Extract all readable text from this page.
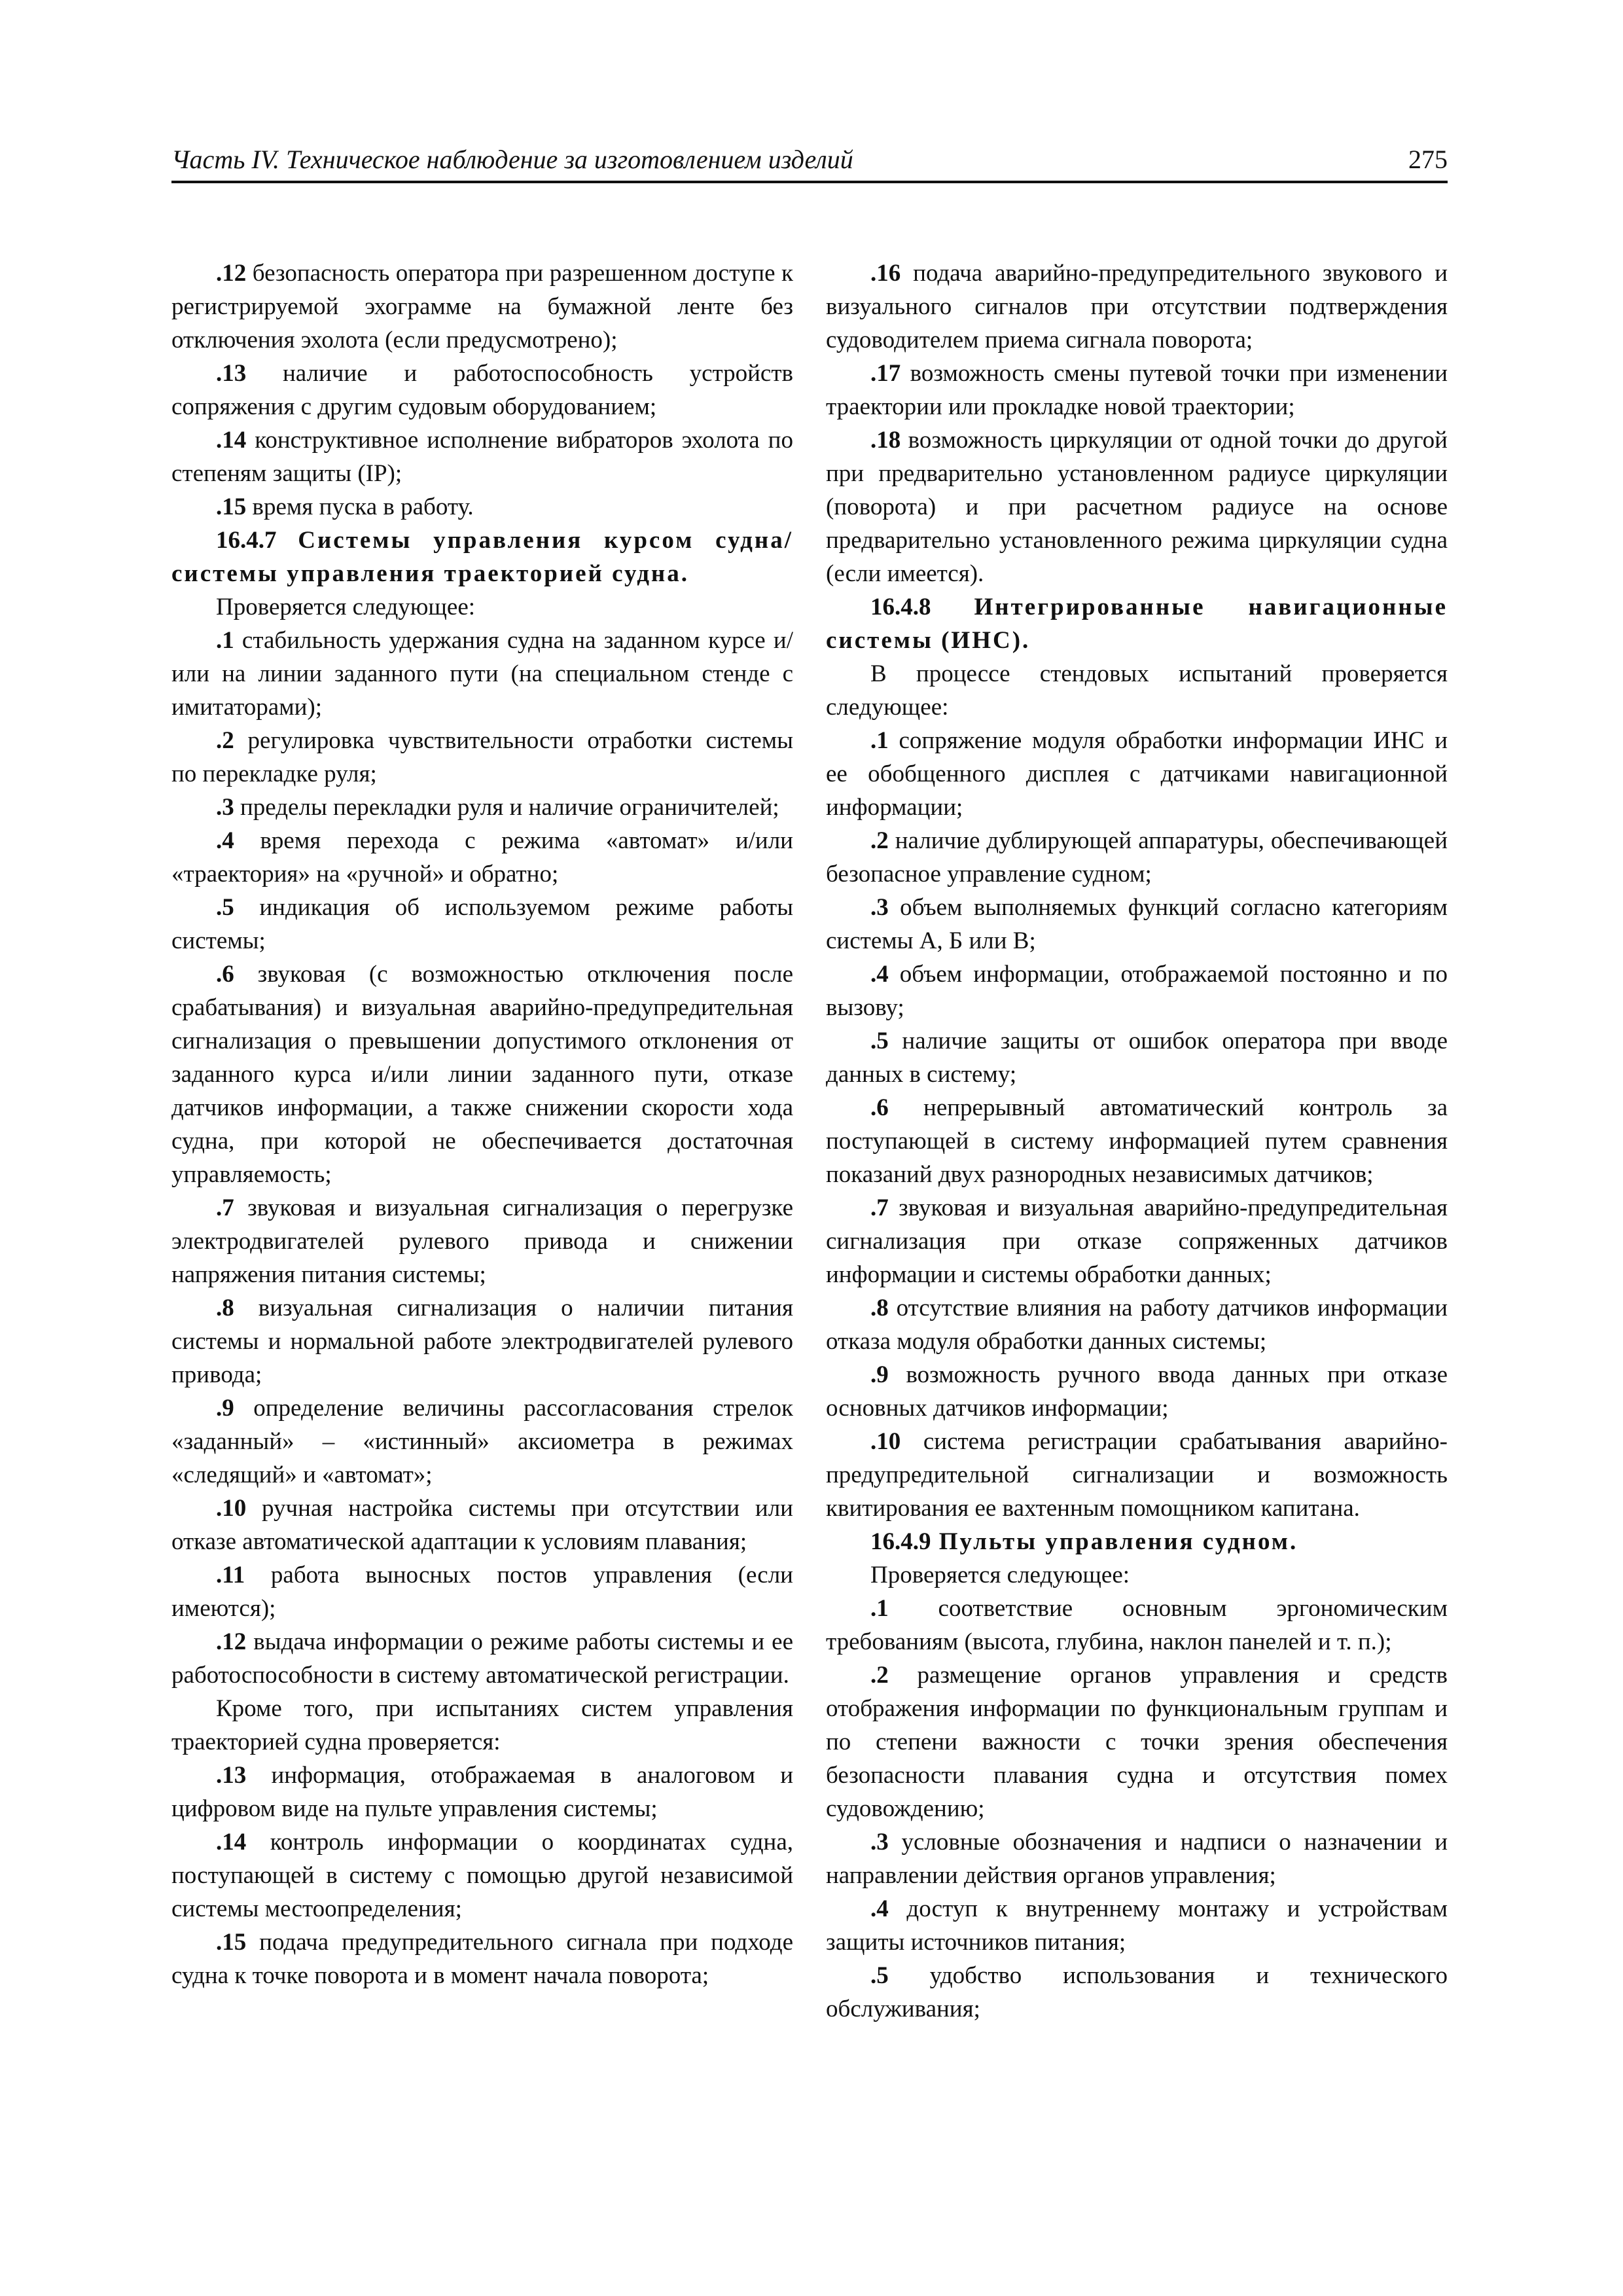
Часть IV. Техническое наблюдение за изготовлением изделий	275

.12 безопасность оператора при разрешенном доступе к регистрируемой эхограмме на бумажной ленте без отключения эхолота (если предусмотрено);

.13 наличие и работоспособность устройств сопряжения с другим судовым оборудованием;

.14 конструктивное исполнение вибраторов эхолота по степеням защиты (IP);

.15 время пуска в работу.

16.4.7 Системы управления курсом судна/ системы управления траекторией судна.

Проверяется следующее:

.1 стабильность удержания судна на заданном курсе и/или на линии заданного пути (на специальном стенде с имитаторами);

.2 регулировка чувствительности отработки системы по перекладке руля;

.3 пределы перекладки руля и наличие ограничителей;

.4 время перехода с режима «автомат» и/или «траектория» на «ручной» и обратно;

.5 индикация об используемом режиме работы системы;

.6 звуковая (с возможностью отключения после срабатывания) и визуальная аварийно-предупредительная сигнализация о превышении допустимого отклонения от заданного курса и/или линии заданного пути, отказе датчиков информации, а также снижении скорости хода судна, при которой не обеспечивается достаточная управляемость;

.7 звуковая и визуальная сигнализация о перегрузке электродвигателей рулевого привода и снижении напряжения питания системы;

.8 визуальная сигнализация о наличии питания системы и нормальной работе электродвигателей рулевого привода;

.9 определение величины рассогласования стрелок «заданный» – «истинный» аксиометра в режимах «следящий» и «автомат»;

.10 ручная настройка системы при отсутствии или отказе автоматической адаптации к условиям плавания;

.11 работа выносных постов управления (если имеются);

.12 выдача информации о режиме работы системы и ее работоспособности в систему автоматической регистрации.

Кроме того, при испытаниях систем управления траекторией судна проверяется:

.13 информация, отображаемая в аналоговом и цифровом виде на пульте управления системы;

.14 контроль информации о координатах судна, поступающей в систему с помощью другой независимой системы местоопределения;

.15 подача предупредительного сигнала при подходе судна к точке поворота и в момент начала поворота;

.16 подача аварийно-предупредительного звукового и визуального сигналов при отсутствии подтверждения судоводителем приема сигнала поворота;

.17 возможность смены путевой точки при изменении траектории или прокладке новой траектории;

.18 возможность циркуляции от одной точки до другой при предварительно установленном радиусе циркуляции (поворота) и при расчетном радиусе на основе предварительно установленного режима циркуляции судна (если имеется).

16.4.8 Интегрированные навигационные системы (ИНС).

В процессе стендовых испытаний проверяется следующее:

.1 сопряжение модуля обработки информации ИНС и ее обобщенного дисплея с датчиками навигационной информации;

.2 наличие дублирующей аппаратуры, обеспечивающей безопасное управление судном;

.3 объем выполняемых функций согласно категориям системы А, Б или В;

.4 объем информации, отображаемой постоянно и по вызову;

.5 наличие защиты от ошибок оператора при вводе данных в систему;

.6 непрерывный автоматический контроль за поступающей в систему информацией путем сравнения показаний двух разнородных независимых датчиков;

.7 звуковая и визуальная аварийно-предупредительная сигнализация при отказе сопряженных датчиков информации и системы обработки данных;

.8 отсутствие влияния на работу датчиков информации отказа модуля обработки данных системы;

.9 возможность ручного ввода данных при отказе основных датчиков информации;

.10 система регистрации срабатывания аварийно-предупредительной сигнализации и возможность квитирования ее вахтенным помощником капитана.

16.4.9 Пульты управления судном.

Проверяется следующее:

.1 соответствие основным эргономическим требованиям (высота, глубина, наклон панелей и т. п.);

.2 размещение органов управления и средств отображения информации по функциональным группам и по степени важности с точки зрения обеспечения безопасности плавания судна и отсутствия помех судовождению;

.3 условные обозначения и надписи о назначении и направлении действия органов управления;

.4 доступ к внутреннему монтажу и устройствам защиты источников питания;

.5 удобство использования и технического обслуживания;
